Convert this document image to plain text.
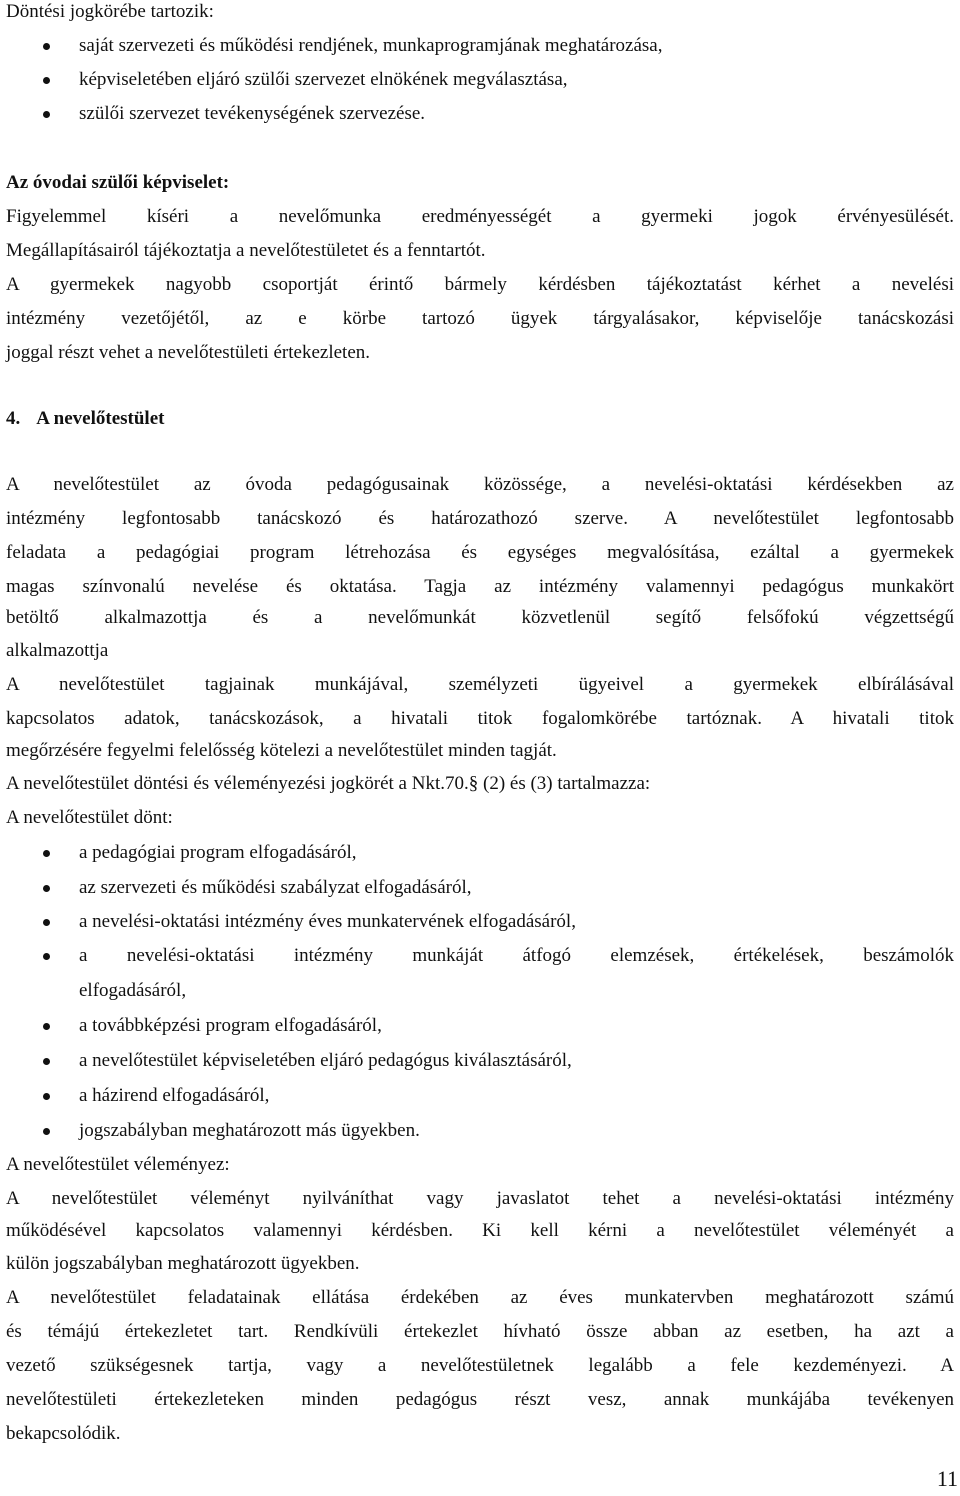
Döntési jogkörébe tartozik:
saját szervezeti és működési rendjének, munkaprogramjának meghatározása,
képviseletében eljáró szülői szervezet elnökének megválasztása,
szülői szervezet tevékenységének szervezése.
Az óvodai szülői képviselet:
Figyelemmel kíséri a nevelőmunka eredményességét a gyermeki jogok érvényesülését.
Megállapításairól tájékoztatja a nevelőtestületet és a fenntartót.
A gyermekek nagyobb csoportját érintő bármely kérdésben tájékoztatást kérhet a nevelési
intézmény vezetőjétől, az e körbe tartozó ügyek tárgyalásakor, képviselője tanácskozási
joggal részt vehet a nevelőtestületi értekezleten.
4. A nevelőtestület
A nevelőtestület az óvoda pedagógusainak közössége, a nevelési-oktatási kérdésekben az
intézmény legfontosabb tanácskozó és határozathozó szerve. A nevelőtestület legfontosabb
feladata a pedagógiai program létrehozása és egységes megvalósítása, ezáltal a gyermekek
magas színvonalú nevelése és oktatása. Tagja az intézmény valamennyi pedagógus munkakört
betöltő alkalmazottja és a nevelőmunkát közvetlenül segítő felsőfokú végzettségű
alkalmazottja
A nevelőtestület tagjainak munkájával, személyzeti ügyeivel a gyermekek elbírálásával
kapcsolatos adatok, tanácskozások, a hivatali titok fogalomkörébe tartóznak. A hivatali titok
megőrzésére fegyelmi felelősség kötelezi a nevelőtestület minden tagját.
A nevelőtestület döntési és véleményezési jogkörét a Nkt.70.§ (2) és (3) tartalmazza:
A nevelőtestület dönt:
a pedagógiai program elfogadásáról,
az szervezeti és működési szabályzat elfogadásáról,
a nevelési-oktatási intézmény éves munkatervének elfogadásáról,
a nevelési-oktatási intézmény munkáját átfogó elemzések, értékelések, beszámolók
elfogadásáról,
a továbbképzési program elfogadásáról,
a nevelőtestület képviseletében eljáró pedagógus kiválasztásáról,
a házirend elfogadásáról,
jogszabályban meghatározott más ügyekben.
A nevelőtestület véleményez:
A nevelőtestület véleményt nyilváníthat vagy javaslatot tehet a nevelési-oktatási intézmény
működésével kapcsolatos valamennyi kérdésben. Ki kell kérni a nevelőtestület véleményét a
külön jogszabályban meghatározott ügyekben.
A nevelőtestület feladatainak ellátása érdekében az éves munkatervben meghatározott számú
és témájú értekezletet tart. Rendkívüli értekezlet hívható össze abban az esetben, ha azt a
vezető szükségesnek tartja, vagy a nevelőtestületnek legalább a fele kezdeményezi. A
nevelőtestületi értekezleteken minden pedagógus részt vesz, annak munkájába tevékenyen
bekapcsolódik.
11
